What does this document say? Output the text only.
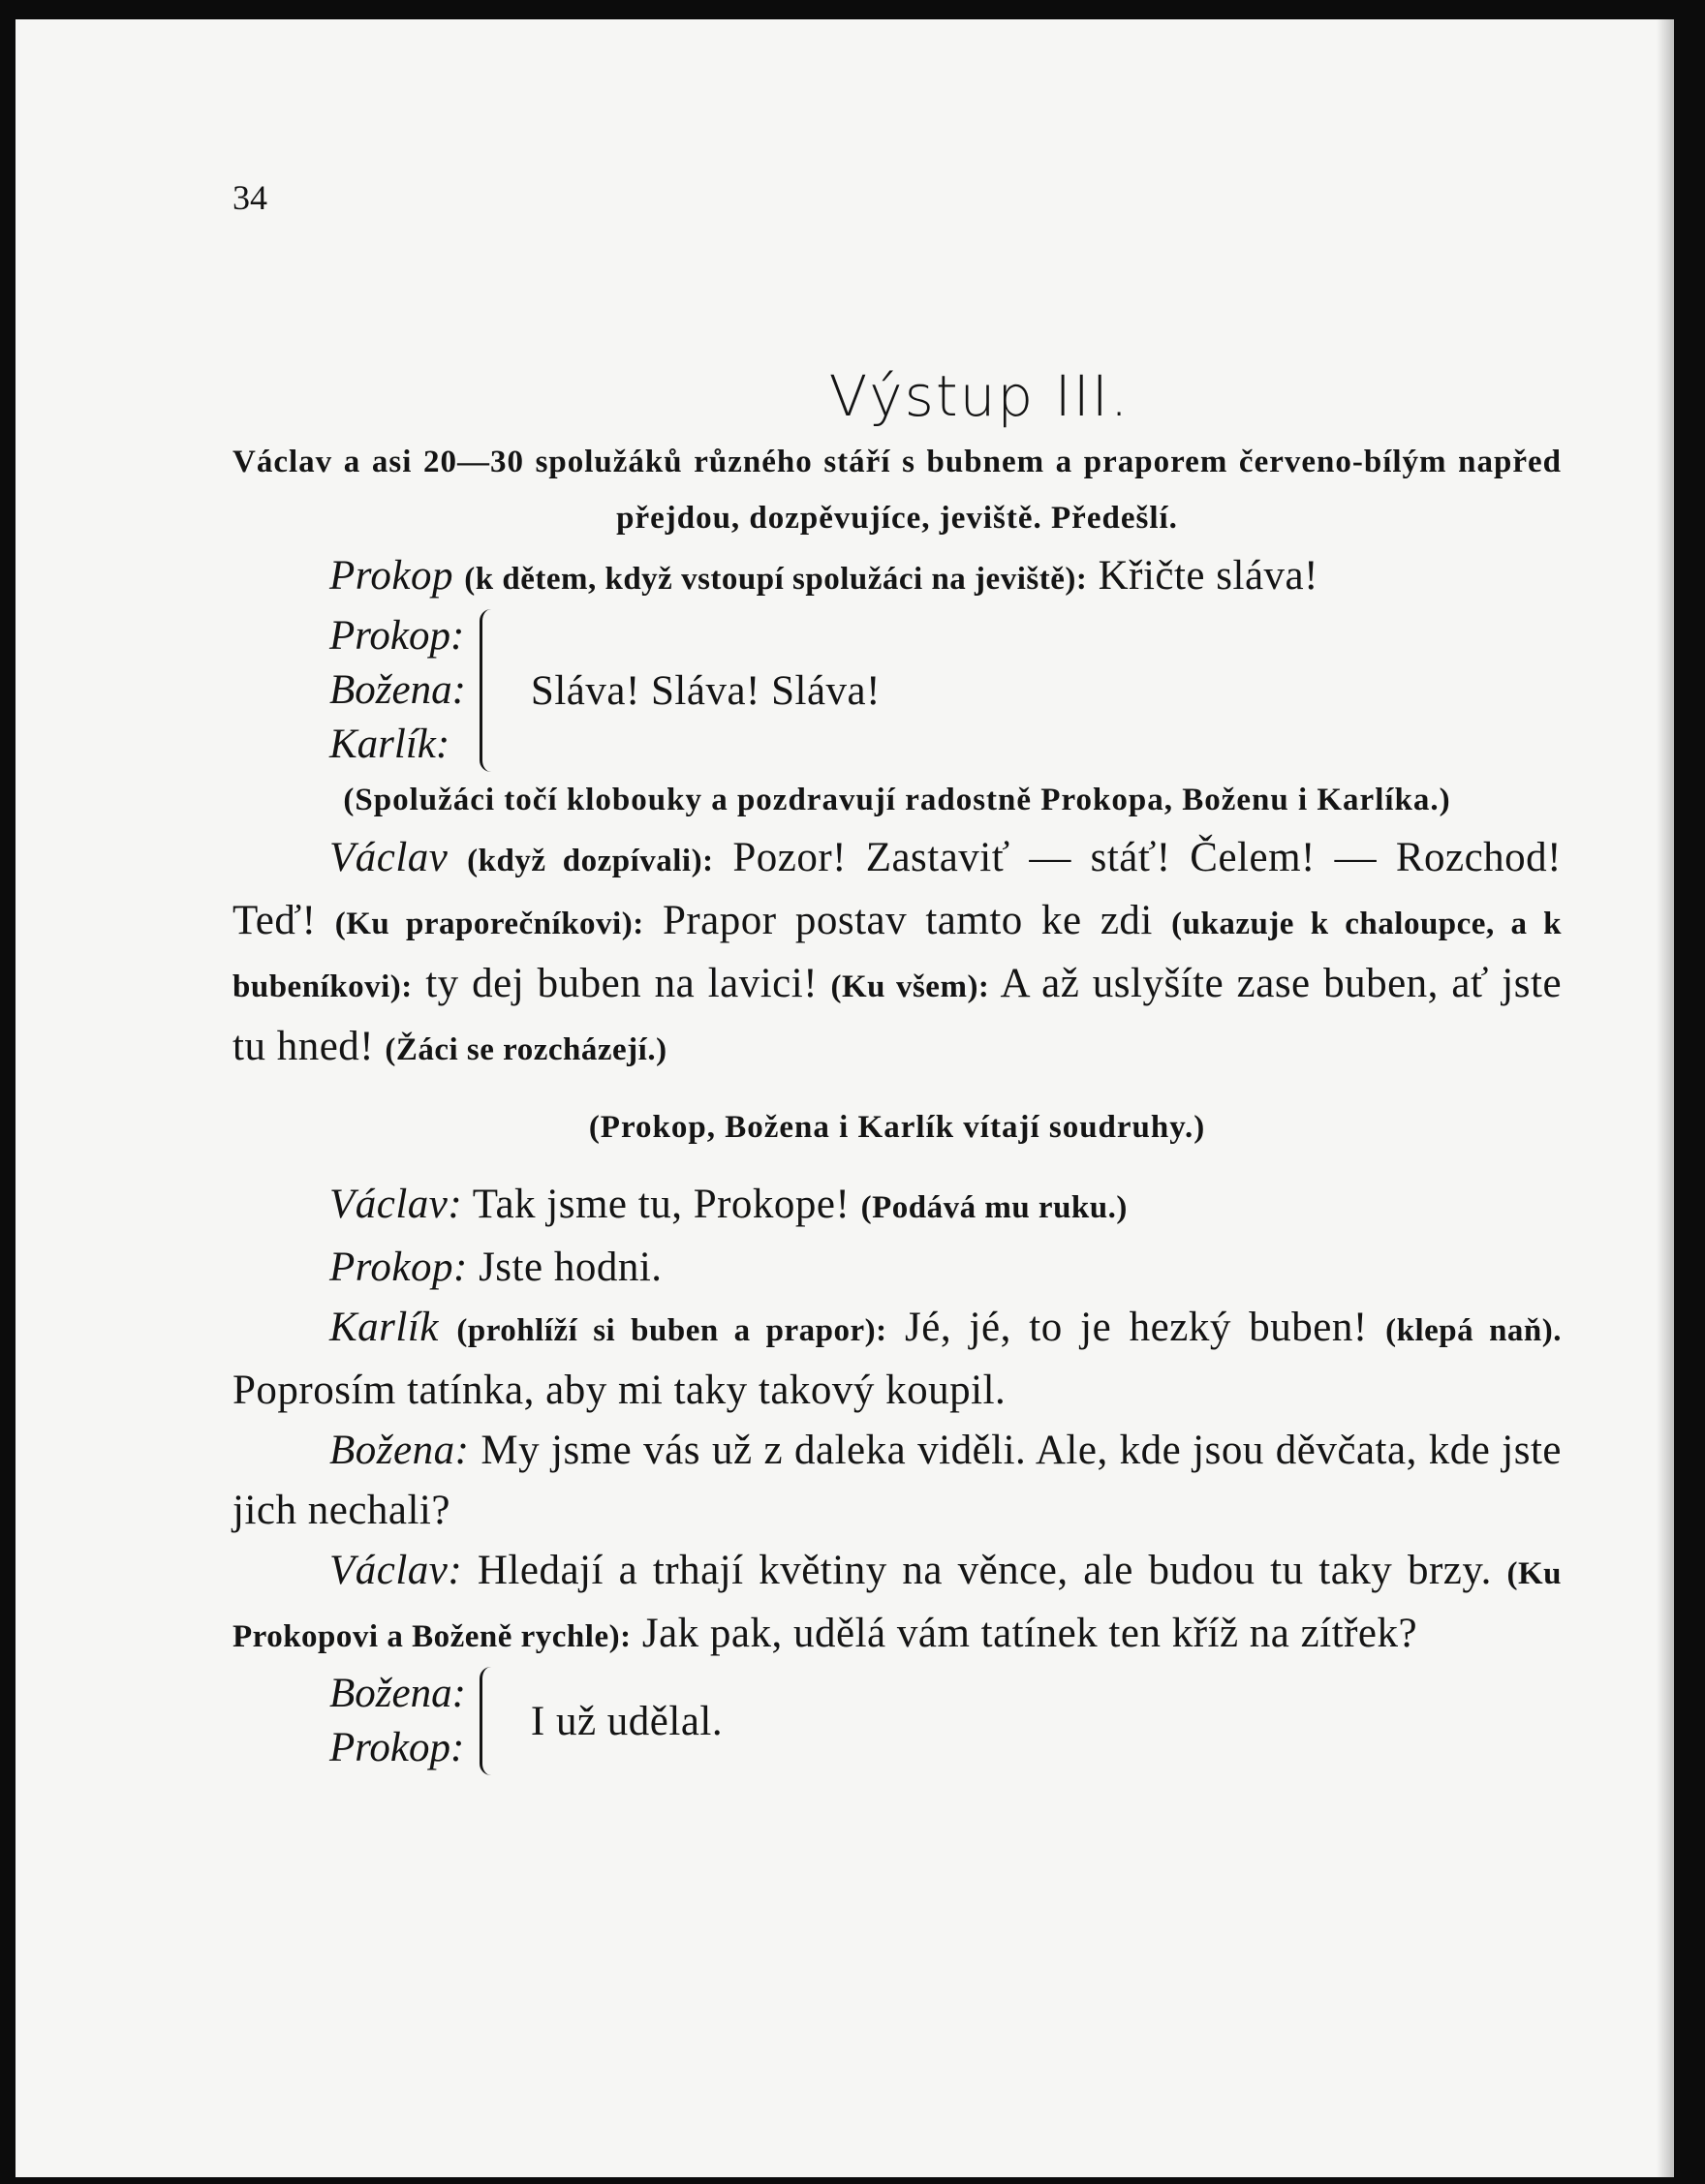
34

Výstup III.

Václav a asi 20—30 spolužáků různého stáří s bubnem a praporem červeno-bílým napřed přejdou, dozpěvujíce, jeviště. Předešlí.

Prokop (k dětem, když vstoupí spolužáci na jeviště): Křičte sláva!

Prokop:
Božena:
Karlík:
Sláva! Sláva! Sláva!

(Spolužáci točí klobouky a pozdravují radostně Prokopa, Boženu i Karlíka.)

Václav (když dozpívali): Pozor! Zastaviť — stáť! Čelem! — Rozchod! Teď! (Ku praporečníkovi): Prapor postav tamto ke zdi (ukazuje k chaloupce, a k bubeníkovi): ty dej buben na lavici! (Ku všem): A až uslyšíte zase buben, ať jste tu hned! (Žáci se rozcházejí.)

(Prokop, Božena i Karlík vítají soudruhy.)

Václav: Tak jsme tu, Prokope! (Podává mu ruku.)

Prokop: Jste hodni.

Karlík (prohlíží si buben a prapor): Jé, jé, to je hezký buben! (klepá naň). Poprosím tatínka, aby mi taky takový koupil.

Božena: My jsme vás už z daleka viděli. Ale, kde jsou děvčata, kde jste jich nechali?

Václav: Hledají a trhají květiny na věnce, ale budou tu taky brzy. (Ku Prokopovi a Boženě rychle): Jak pak, udělá vám tatínek ten kříž na zítřek?

Božena:
Prokop:
I už udělal.
